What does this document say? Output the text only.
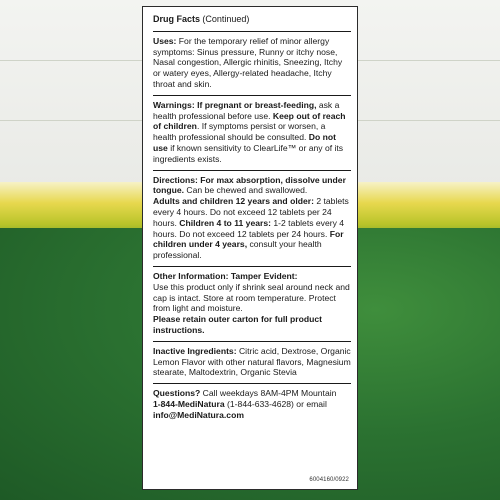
Drug Facts (Continued)
Uses: For the temporary relief of minor allergy symptoms: Sinus pressure, Runny or itchy nose, Nasal congestion, Allergic rhinitis, Sneezing, Itchy or watery eyes, Allergy-related headache, Itchy throat and skin.
Warnings: If pregnant or breast-feeding, ask a health professional before use. Keep out of reach of children. If symptoms persist or worsen, a health professional should be consulted. Do not use if known sensitivity to ClearLife™ or any of its ingredients exists.
Directions: For max absorption, dissolve under tongue. Can be chewed and swallowed.
Adults and children 12 years and older: 2 tablets every 4 hours. Do not exceed 12 tablets per 24 hours. Children 4 to 11 years: 1-2 tablets every 4 hours. Do not exceed 12 tablets per 24 hours. For children under 4 years, consult your health professional.
Other Information: Tamper Evident:
Use this product only if shrink seal around neck and cap is intact. Store at room temperature. Protect from light and moisture.
Please retain outer carton for full product instructions.
Inactive Ingredients: Citric acid, Dextrose, Organic Lemon Flavor with other natural flavors, Magnesium stearate, Maltodextrin, Organic Stevia
Questions? Call weekdays 8AM-4PM Mountain
1-844-MediNatura (1-844-633-4628) or email
info@MediNatura.com
6004160/0922
